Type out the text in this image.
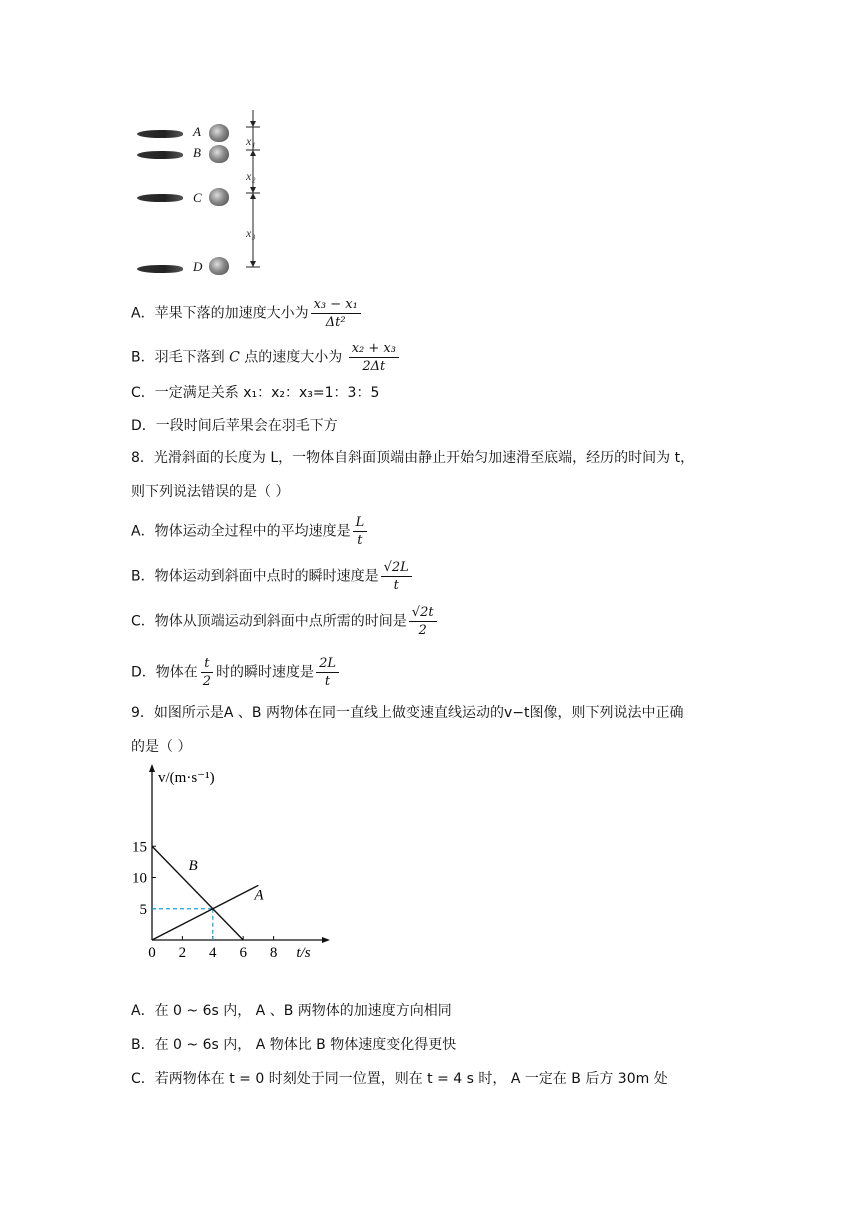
A
B
C
D
x₁
x₂
x₃
A．苹果下落的加速度大小为 $\frac{\text{x₃ − x₁}}{\text{Δt²}}$
B．羽毛下落到 C 点的速度大小为 $\frac{\text{x₂ + x₃}}{2\Delta t}$
C．一定满足关系 x₁：x₂：x₃=1：3：5
D．一段时间后苹果会在羽毛下方
8．光滑斜面的长度为 L，一物体自斜面顶端由静止开始匀加速滑至底端，经历的时间为 t，
则下列说法错误的是（ ）
A．物体运动全过程中的平均速度是 $\frac{L}{t}$
B．物体运动到斜面中点时的瞬时速度是 $\frac{√2L}{t}$
C．物体从顶端运动到斜面中点所需的时间是 $\frac{√2t}{2}$
D．物体在 $\frac{t}{2}$ 时的瞬时速度是 $\frac{2L}{t}$
9．如图所示是A 、B 两物体在同一直线上做变速直线运动的v−t图像，则下列说法中正确
的是（ ）
0 2 4 6 8
5
10
15
v/(m·s⁻¹)
t/s
A
B
A．在 0 ~ 6s 内， A 、B 两物体的加速度方向相同
B．在 0 ~ 6s 内， A 物体比 B 物体速度变化得更快
C．若两物体在 t = 0 时刻处于同一位置，则在 t = 4 s 时， A 一定在 B 后方 30m 处
